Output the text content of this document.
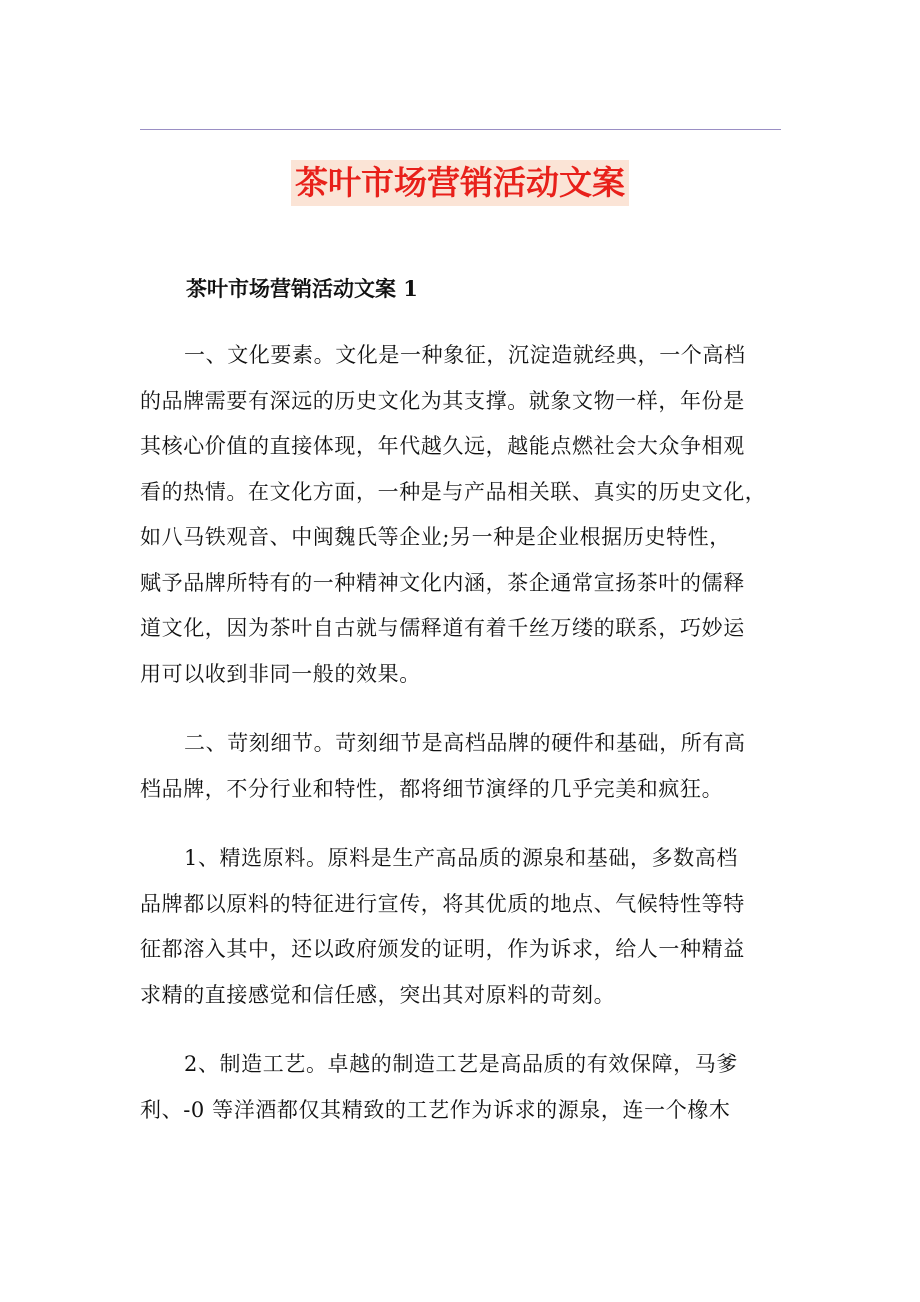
茶叶市场营销活动文案
茶叶市场营销活动文案 1
一、文化要素。文化是一种象征，沉淀造就经典，一个高档
的品牌需要有深远的历史文化为其支撑。就象文物一样，年份是
其核心价值的直接体现，年代越久远，越能点燃社会大众争相观
看的热情。在文化方面，一种是与产品相关联、真实的历史文化，
如八马铁观音、中闽魏氏等企业;另一种是企业根据历史特性，
赋予品牌所特有的一种精神文化内涵，茶企通常宣扬茶叶的儒释
道文化，因为茶叶自古就与儒释道有着千丝万缕的联系，巧妙运
用可以收到非同一般的效果。
二、苛刻细节。苛刻细节是高档品牌的硬件和基础，所有高
档品牌，不分行业和特性，都将细节演绎的几乎完美和疯狂。
1、精选原料。原料是生产高品质的源泉和基础，多数高档
品牌都以原料的特征进行宣传，将其优质的地点、气候特性等特
征都溶入其中，还以政府颁发的证明，作为诉求，给人一种精益
求精的直接感觉和信任感，突出其对原料的苛刻。
2、制造工艺。卓越的制造工艺是高品质的有效保障，马爹
利、-0 等洋酒都仅其精致的工艺作为诉求的源泉，连一个橡木
